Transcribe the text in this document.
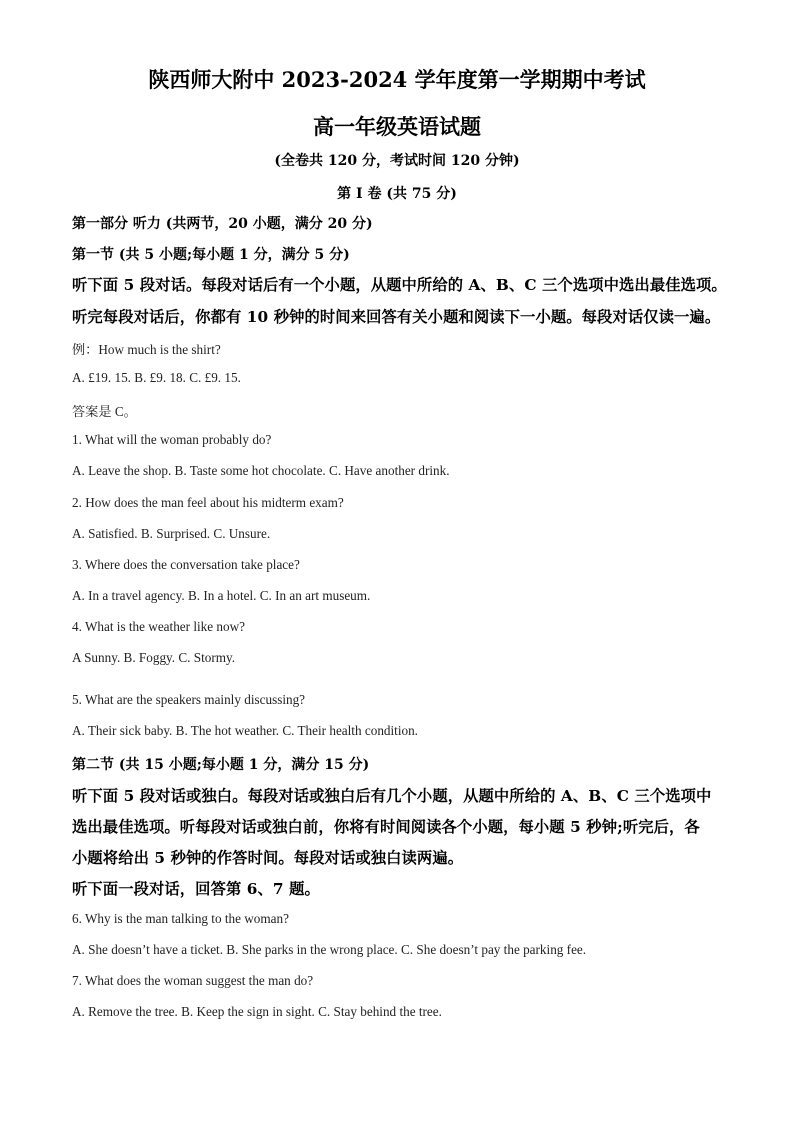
陕西师大附中 2023-2024 学年度第一学期期中考试
高一年级英语试题
(全卷共 120 分，考试时间 120 分钟)
第 I 卷 (共 75 分)
第一部分 听力 (共两节，20 小题，满分 20 分)
第一节 (共 5 小题;每小题 1 分，满分 5 分)
听下面 5 段对话。每段对话后有一个小题，从题中所给的 A、B、C 三个选项中选出最佳选项。
听完每段对话后，你都有 10 秒钟的时间来回答有关小题和阅读下一小题。每段对话仅读一遍。
例：How much is the shirt?
A. £19. 15. B. £9. 18. C. £9. 15.
答案是 C。
1. What will the woman probably do?
A. Leave the shop. B. Taste some hot chocolate. C. Have another drink.
2. How does the man feel about his midterm exam?
A. Satisfied. B. Surprised. C. Unsure.
3. Where does the conversation take place?
A. In a travel agency. B. In a hotel. C. In an art museum.
4. What is the weather like now?
A Sunny. B. Foggy. C. Stormy.
5. What are the speakers mainly discussing?
A. Their sick baby. B. The hot weather. C. Their health condition.
第二节 (共 15 小题;每小题 1 分，满分 15 分)
听下面 5 段对话或独白。每段对话或独白后有几个小题，从题中所给的 A、B、C 三个选项中
选出最佳选项。听每段对话或独白前，你将有时间阅读各个小题，每小题 5 秒钟;听完后，各
小题将给出 5 秒钟的作答时间。每段对话或独白读两遍。
听下面一段对话，回答第 6、7 题。
6. Why is the man talking to the woman?
A. She doesn’t have a ticket. B. She parks in the wrong place. C. She doesn’t pay the parking fee.
7. What does the woman suggest the man do?
A. Remove the tree. B. Keep the sign in sight. C. Stay behind the tree.
